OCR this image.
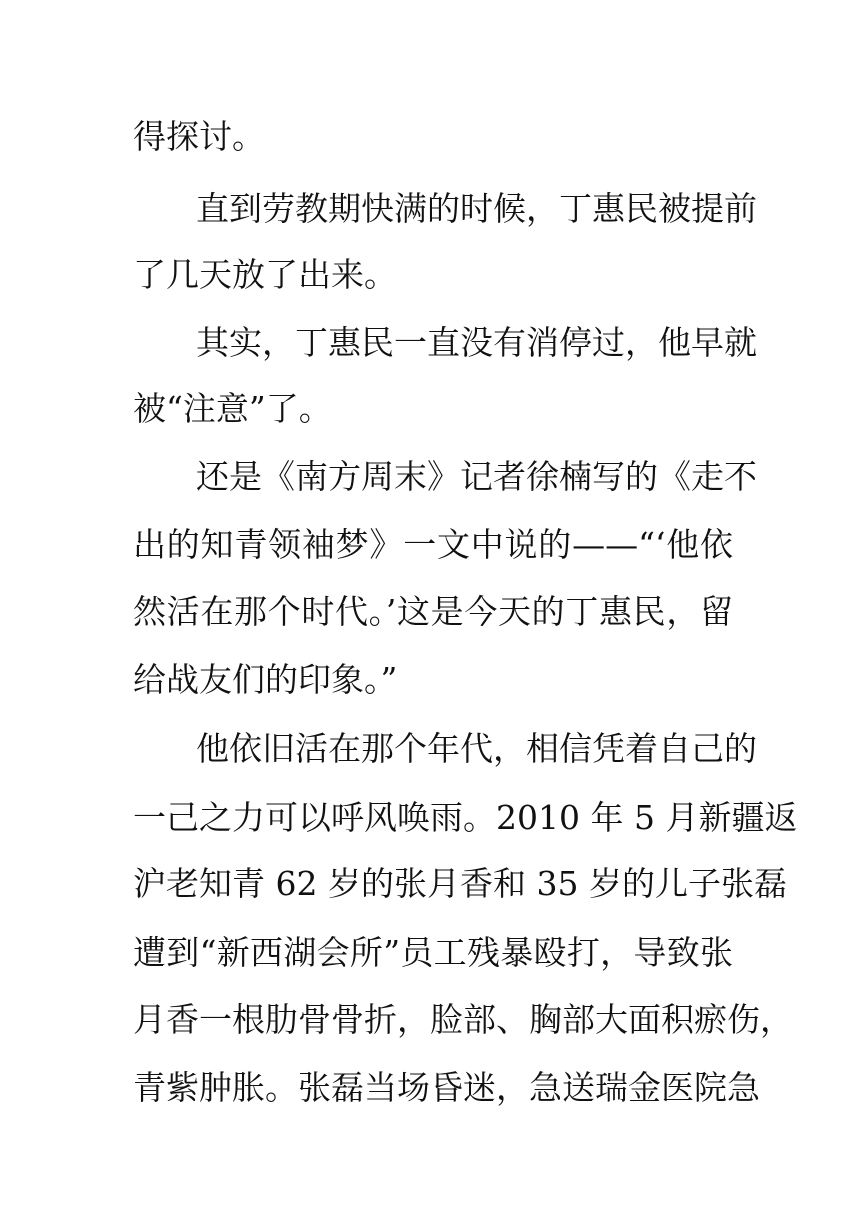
得探讨。
直到劳教期快满的时候，丁惠民被提前
了几天放了出来。
其实，丁惠民一直没有消停过，他早就
被“注意”了。
还是《南方周末》记者徐楠写的《走不
出的知青领袖梦》一文中说的——“‘他依
然活在那个时代。’这是今天的丁惠民，留
给战友们的印象。”
他依旧活在那个年代，相信凭着自己的
一己之力可以呼风唤雨。2010 年 5 月新疆返
沪老知青 62 岁的张月香和 35 岁的儿子张磊
遭到“新西湖会所”员工残暴殴打，导致张
月香一根肋骨骨折，脸部、胸部大面积瘀伤，
青紫肿胀。张磊当场昏迷，急送瑞金医院急
